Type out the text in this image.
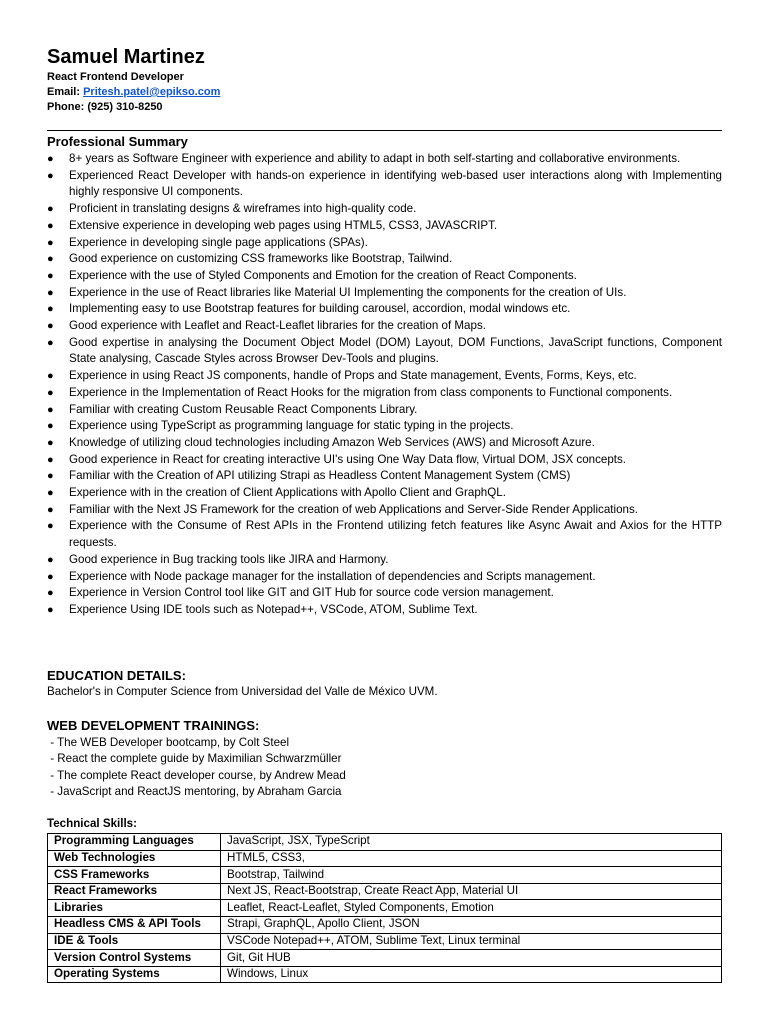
Samuel Martinez
React Frontend Developer
Email: Pritesh.patel@epikso.com
Phone: (925) 310-8250
Professional Summary
● 8+ years as Software Engineer with experience and ability to adapt in both self-starting and collaborative environments.
● Experienced React Developer with hands-on experience in identifying web-based user interactions along with Implementing highly responsive UI components.
● Proficient in translating designs & wireframes into high-quality code.
● Extensive experience in developing web pages using HTML5, CSS3, JAVASCRIPT.
● Experience in developing single page applications (SPAs).
● Good experience on customizing CSS frameworks like Bootstrap, Tailwind.
● Experience with the use of Styled Components and Emotion for the creation of React Components.
● Experience in the use of React libraries like Material UI Implementing the components for the creation of UIs.
● Implementing easy to use Bootstrap features for building carousel, accordion, modal windows etc.
● Good experience with Leaflet and React-Leaflet libraries for the creation of Maps.
● Good expertise in analysing the Document Object Model (DOM) Layout, DOM Functions, JavaScript functions, Component State analysing, Cascade Styles across Browser Dev-Tools and plugins.
● Experience in using React JS components, handle of Props and State management, Events, Forms, Keys, etc.
● Experience in the Implementation of React Hooks for the migration from class components to Functional components.
● Familiar with creating Custom Reusable React Components Library.
● Experience using TypeScript as programming language for static typing in the projects.
● Knowledge of utilizing cloud technologies including Amazon Web Services (AWS) and Microsoft Azure.
● Good experience in React for creating interactive UI's using One Way Data flow, Virtual DOM, JSX concepts.
● Familiar with the Creation of API utilizing Strapi as Headless Content Management System (CMS)
● Experience with in the creation of Client Applications with Apollo Client and GraphQL.
● Familiar with the Next JS Framework for the creation of web Applications and Server-Side Render Applications.
● Experience with the Consume of Rest APIs in the Frontend utilizing fetch features like Async Await and Axios for the HTTP requests.
● Good experience in Bug tracking tools like JIRA and Harmony.
● Experience with Node package manager for the installation of dependencies and Scripts management.
● Experience in Version Control tool like GIT and GIT Hub for source code version management.
● Experience Using IDE tools such as Notepad++, VSCode, ATOM, Sublime Text.
EDUCATION DETAILS:
Bachelor's in Computer Science from Universidad del Valle de México UVM.
WEB DEVELOPMENT TRAININGS:
- The WEB Developer bootcamp, by Colt Steel
- React the complete guide by Maximilian Schwarzmüller
- The complete React developer course, by Andrew Mead
- JavaScript and ReactJS mentoring, by Abraham Garcia
Technical Skills:
Programming Languages	JavaScript, JSX, TypeScript
Web Technologies	HTML5, CSS3,
CSS Frameworks	Bootstrap, Tailwind
React Frameworks	Next JS, React-Bootstrap, Create React App, Material UI
Libraries	Leaflet, React-Leaflet, Styled Components, Emotion
Headless CMS & API Tools	Strapi, GraphQL, Apollo Client, JSON
IDE & Tools	VSCode Notepad++, ATOM, Sublime Text, Linux terminal
Version Control Systems	Git, Git HUB
Operating Systems	Windows, Linux
